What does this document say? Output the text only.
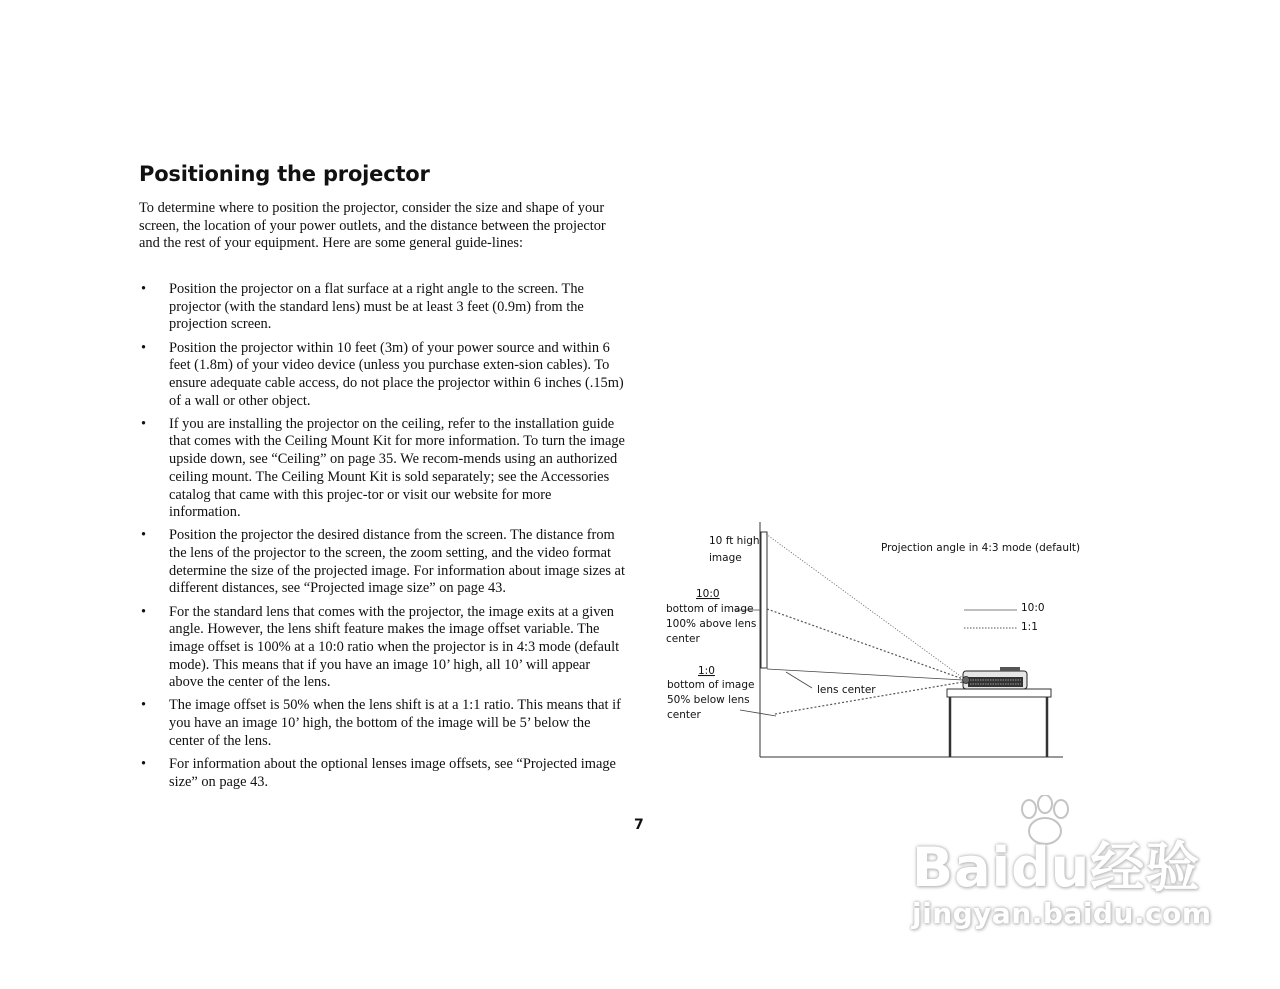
Positioning the projector

To determine where to position the projector, consider the size and shape of your screen, the location of your power outlets, and the distance between the projector and the rest of your equipment. Here are some general guide-lines:

• Position the projector on a flat surface at a right angle to the screen. The projector (with the standard lens) must be at least 3 feet (0.9m) from the projection screen.
• Position the projector within 10 feet (3m) of your power source and within 6 feet (1.8m) of your video device (unless you purchase exten-sion cables). To ensure adequate cable access, do not place the projector within 6 inches (.15m) of a wall or other object.
• If you are installing the projector on the ceiling, refer to the installation guide that comes with the Ceiling Mount Kit for more information. To turn the image upside down, see “Ceiling” on page 35. We recom-mends using an authorized ceiling mount. The Ceiling Mount Kit is sold separately; see the Accessories catalog that came with this projec-tor or visit our website for more information.
• Position the projector the desired distance from the screen. The distance from the lens of the projector to the screen, the zoom setting, and the video format determine the size of the projected image. For information about image sizes at different distances, see “Projected image size” on page 43.
• For the standard lens that comes with the projector, the image exits at a given angle. However, the lens shift feature makes the image offset variable. The image offset is 100% at a 10:0 ratio when the projector is in 4:3 mode (default mode). This means that if you have an image 10’ high, all 10’ will appear above the center of the lens.
• The image offset is 50% when the lens shift is at a 1:1 ratio. This means that if you have an image 10’ high, the bottom of the image will be 5’ below the center of the lens.
• For information about the optional lenses image offsets, see “Projected image size” on page 43.
7
10 ft high
image
Projection angle in 4:3 mode (default)
10:0
bottom of image
100% above lens
center
1:0
bottom of image
50% below lens
center
lens center
10:0
1:1
Baidu经验
jingyan.baidu.com
